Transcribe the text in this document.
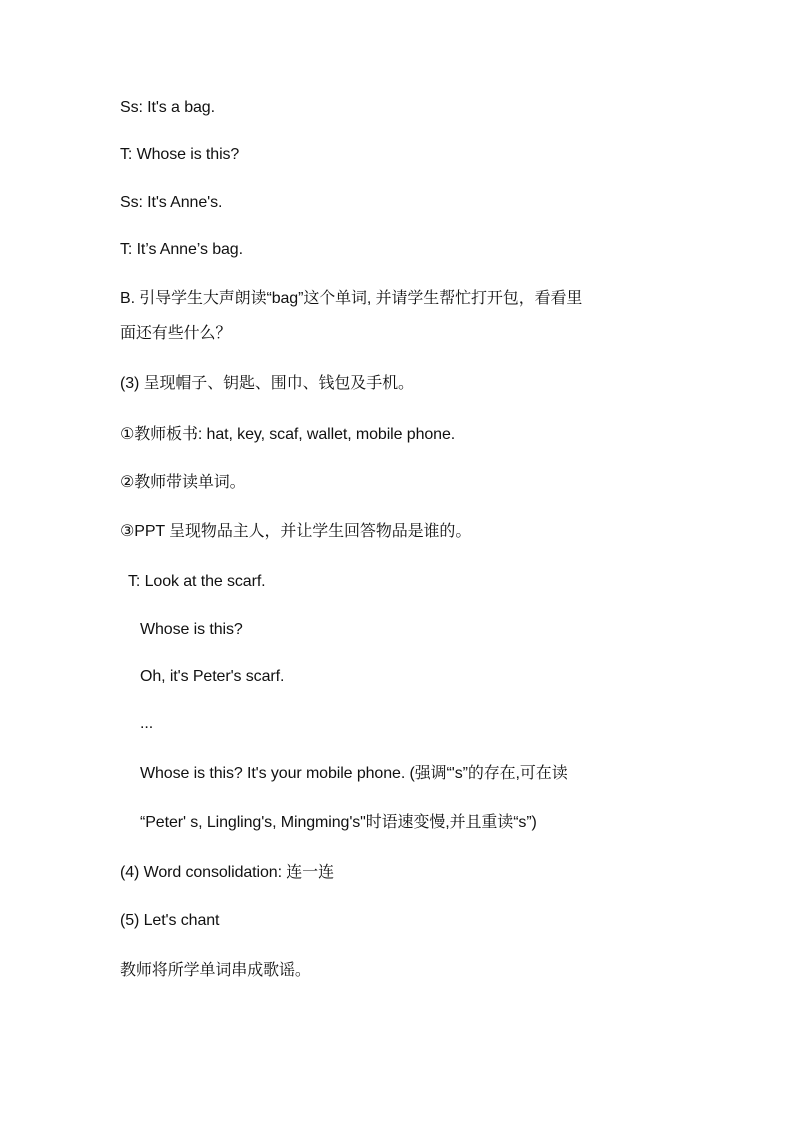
Ss: It's a bag.
T: Whose is this?
Ss: It's Anne's.
T: It’s Anne’s bag.
B. 引导学生大声朗读“bag”这个单词, 并请学生帮忙打开包，看看里
面还有些什么？
(3) 呈现帽子、钥匙、围巾、钱包及手机。
①教师板书: hat, key, scaf, wallet, mobile phone.
②教师带读单词。
③PPT 呈现物品主人，并让学生回答物品是谁的。
T: Look at the scarf.
Whose is this?
Oh, it's Peter's scarf.
...
Whose is this? It's your mobile phone. (强调“'s”的存在,可在读
“Peter' s, Lingling's, Mingming's"时语速变慢,并且重读“s”)
(4) Word consolidation: 连一连
(5) Let's chant
教师将所学单词串成歌谣。
